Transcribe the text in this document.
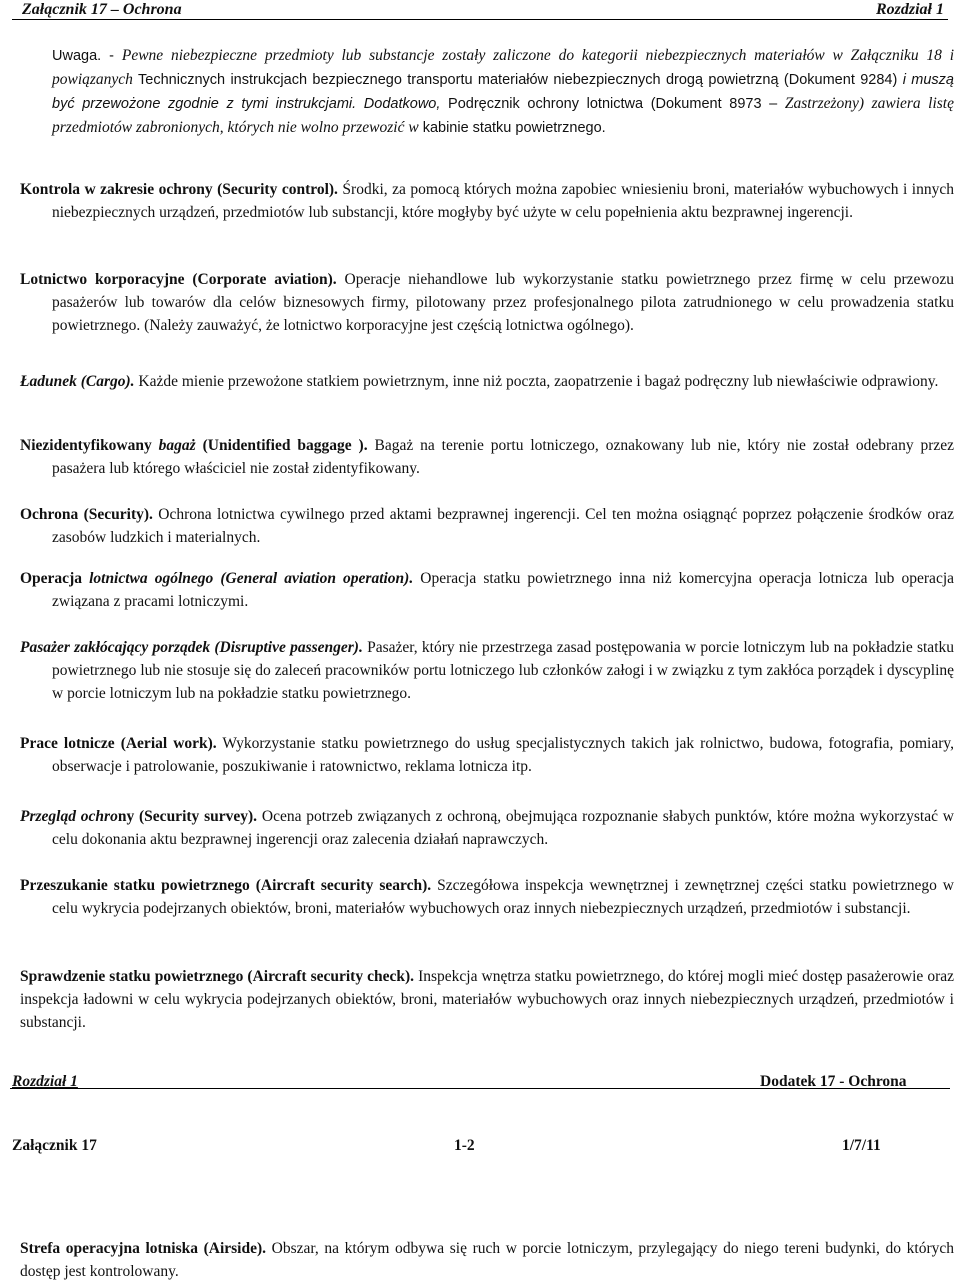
Załącznik 17 – Ochrona	Rozdział 1
Uwaga. - Pewne niebezpieczne przedmioty lub substancje zostały zaliczone do kategorii niebezpiecznych materiałów w Załączniku 18 i powiązanych Technicznych instrukcjach bezpiecznego transportu materiałów niebezpiecznych drogą powietrzną (Dokument 9284) i muszą być przewożone zgodnie z tymi instrukcjami. Dodatkowo, Podręcznik ochrony lotnictwa (Dokument 8973 – Zastrzeżony) zawiera listę przedmiotów zabronionych, których nie wolno przewozić w kabinie statku powietrznego.
Kontrola w zakresie ochrony (Security control). Środki, za pomocą których można zapobiec wniesieniu broni, materiałów wybuchowych i innych niebezpiecznych urządzeń, przedmiotów lub substancji, które mogłyby być użyte w celu popełnienia aktu bezprawnej ingerencji.
Lotnictwo korporacyjne (Corporate aviation). Operacje niehandlowe lub wykorzystanie statku powietrznego przez firmę w celu przewozu pasażerów lub towarów dla celów biznesowych firmy, pilotowany przez profesjonalnego pilota zatrudnionego w celu prowadzenia statku powietrznego. (Należy zauważyć, że lotnictwo korporacyjne jest częścią lotnictwa ogólnego).
Ładunek (Cargo). Każde mienie przewożone statkiem powietrznym, inne niż poczta, zaopatrzenie i bagaż podręczny lub niewłaściwie odprawiony.
Niezidentyfikowany bagaż (Unidentified baggage ). Bagaż na terenie portu lotniczego, oznakowany lub nie, który nie został odebrany przez pasażera lub którego właściciel nie został zidentyfikowany.
Ochrona (Security). Ochrona lotnictwa cywilnego przed aktami bezprawnej ingerencji. Cel ten można osiągnąć poprzez połączenie środków oraz zasobów ludzkich i materialnych.
Operacja lotnictwa ogólnego (General aviation operation). Operacja statku powietrznego inna niż komercyjna operacja lotnicza lub operacja związana z pracami lotniczymi.
Pasażer zakłócający porządek (Disruptive passenger). Pasażer, który nie przestrzega zasad postępowania w porcie lotniczym lub na pokładzie statku powietrznego lub nie stosuje się do zaleceń pracowników portu lotniczego lub członków załogi i w związku z tym zakłóca porządek i dyscyplinę w porcie lotniczym lub na pokładzie statku powietrznego.
Prace lotnicze (Aerial work). Wykorzystanie statku powietrznego do usług specjalistycznych takich jak rolnictwo, budowa, fotografia, pomiary, obserwacje i patrolowanie, poszukiwanie i ratownictwo, reklama lotnicza itp.
Przegląd ochrony (Security survey). Ocena potrzeb związanych z ochroną, obejmująca rozpoznanie słabych punktów, które można wykorzystać w celu dokonania aktu bezprawnej ingerencji oraz zalecenia działań naprawczych.
Przeszukanie statku powietrznego (Aircraft security search). Szczegółowa inspekcja wewnętrznej i zewnętrznej części statku powietrznego w celu wykrycia podejrzanych obiektów, broni, materiałów wybuchowych oraz innych niebezpiecznych urządzeń, przedmiotów i substancji.
Sprawdzenie statku powietrznego (Aircraft security check). Inspekcja wnętrza statku powietrznego, do której mogli mieć dostęp pasażerowie oraz inspekcja ładowni w celu wykrycia podejrzanych obiektów, broni, materiałów wybuchowych oraz innych niebezpiecznych urządzeń, przedmiotów i substancji.
Rozdział 1	Dodatek 17 - Ochrona
Załącznik 17	1-2	1/7/11
Strefa operacyjna lotniska (Airside). Obszar, na którym odbywa się ruch w porcie lotniczym, przylegający do niego tereni budynki, do których dostęp jest kontrolowany.
